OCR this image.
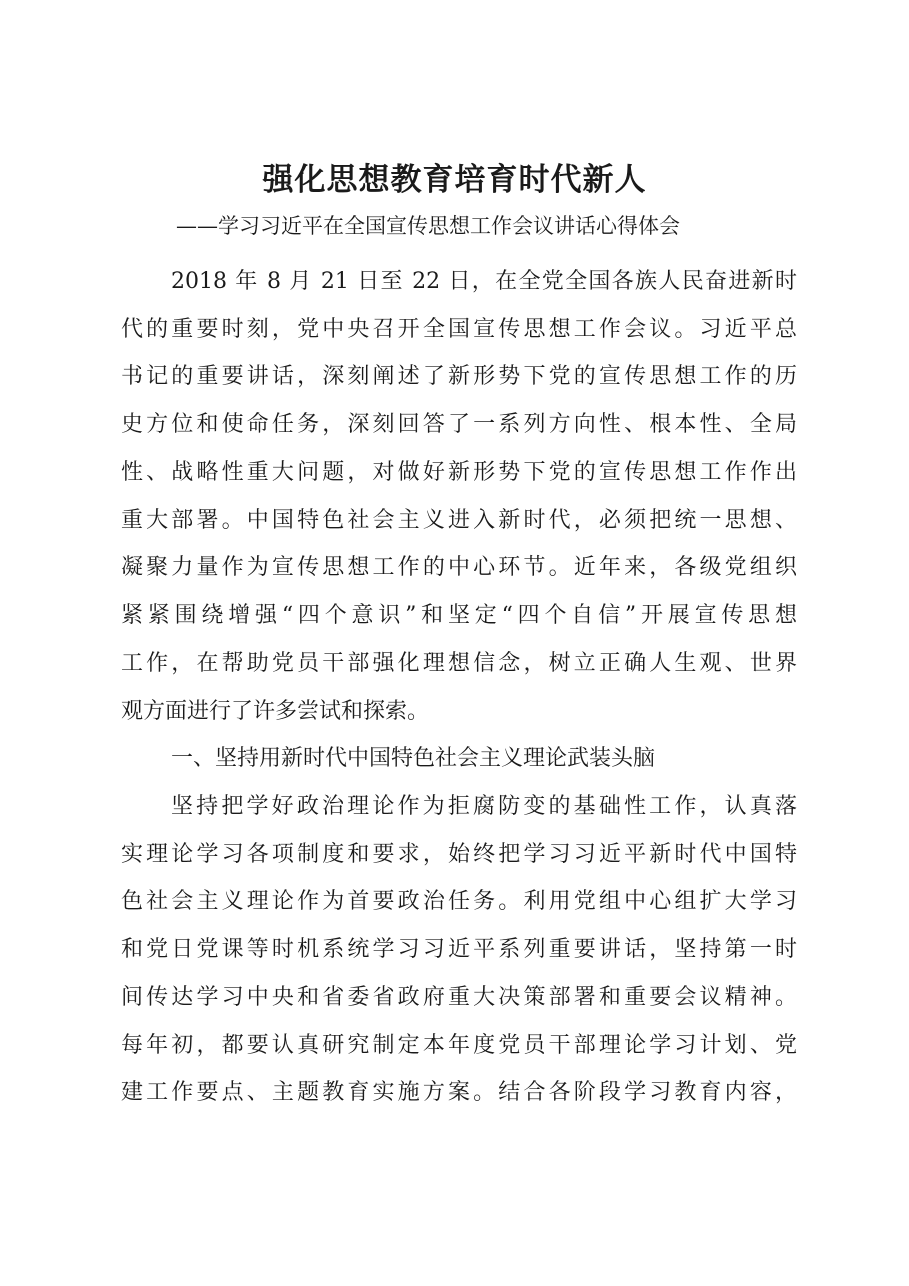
强化思想教育培育时代新人

——学习习近平在全国宣传思想工作会议讲话心得体会

2018 年 8 月 21 日至 22 日，在全党全国各族人民奋进新时

代的重要时刻，党中央召开全国宣传思想工作会议。习近平总

书记的重要讲话，深刻阐述了新形势下党的宣传思想工作的历

史方位和使命任务，深刻回答了一系列方向性、根本性、全局

性、战略性重大问题，对做好新形势下党的宣传思想工作作出

重大部署。中国特色社会主义进入新时代，必须把统一思想、

凝聚力量作为宣传思想工作的中心环节。近年来，各级党组织

紧紧围绕增强“四个意识”和坚定“四个自信”开展宣传思想

工作，在帮助党员干部强化理想信念，树立正确人生观、世界

观方面进行了许多尝试和探索。

一、坚持用新时代中国特色社会主义理论武装头脑

坚持把学好政治理论作为拒腐防变的基础性工作，认真落

实理论学习各项制度和要求，始终把学习习近平新时代中国特

色社会主义理论作为首要政治任务。利用党组中心组扩大学习

和党日党课等时机系统学习习近平系列重要讲话，坚持第一时

间传达学习中央和省委省政府重大决策部署和重要会议精神。

每年初，都要认真研究制定本年度党员干部理论学习计划、党

建工作要点、主题教育实施方案。结合各阶段学习教育内容，
